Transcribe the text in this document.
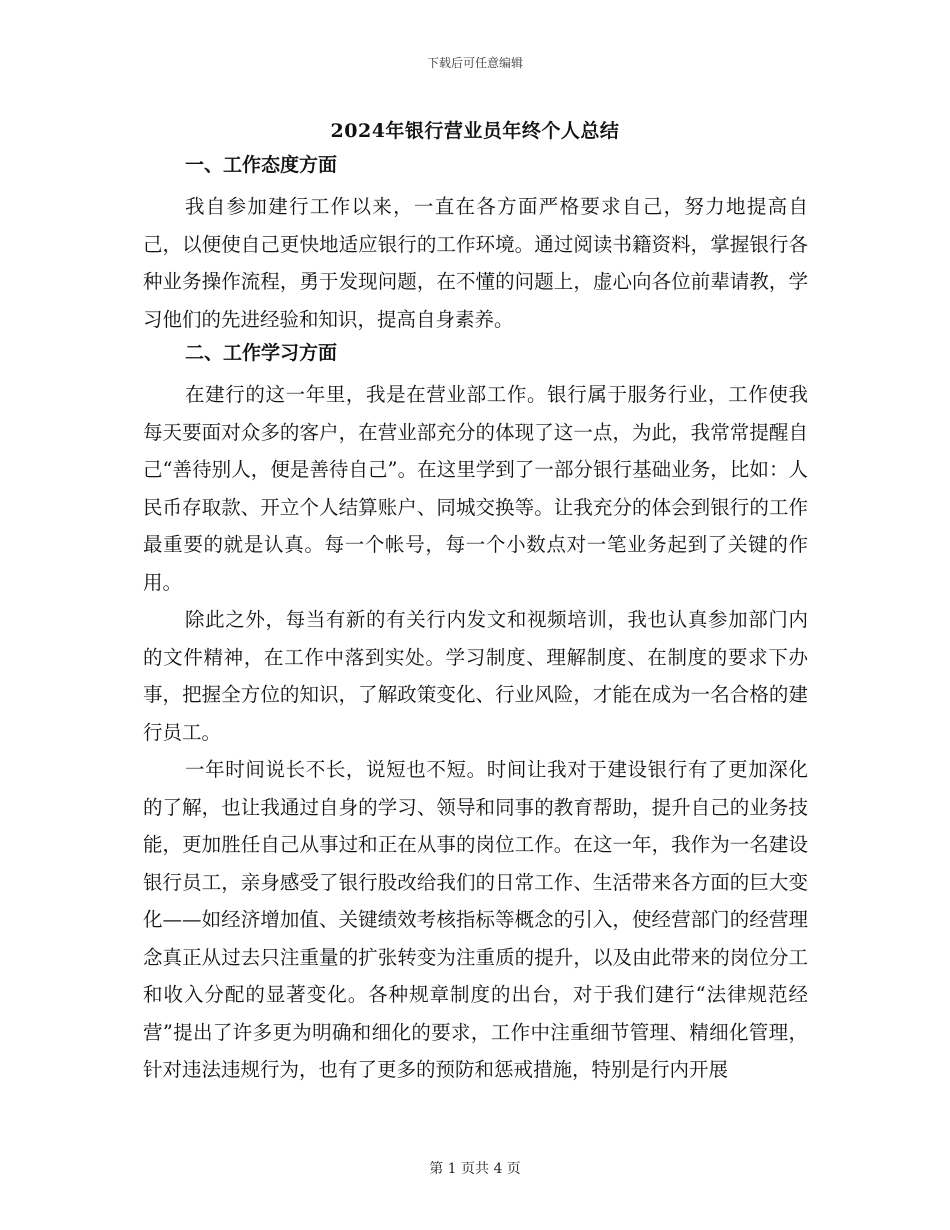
下载后可任意编辑
2024年银行营业员年终个人总结
一、工作态度方面

我自参加建行工作以来，一直在各方面严格要求自己，努力地提高自己，以便使自己更快地适应银行的工作环境。通过阅读书籍资料，掌握银行各种业务操作流程，勇于发现问题，在不懂的问题上，虚心向各位前辈请教，学习他们的先进经验和知识，提高自身素养。

二、工作学习方面

在建行的这一年里，我是在营业部工作。银行属于服务行业，工作使我每天要面对众多的客户，在营业部充分的体现了这一点，为此，我常常提醒自己“善待别人，便是善待自己”。在这里学到了一部分银行基础业务，比如：人民币存取款、开立个人结算账户、同城交换等。让我充分的体会到银行的工作最重要的就是认真。每一个帐号，每一个小数点对一笔业务起到了关键的作用。

除此之外，每当有新的有关行内发文和视频培训，我也认真参加部门内的文件精神，在工作中落到实处。学习制度、理解制度、在制度的要求下办事，把握全方位的知识，了解政策变化、行业风险，才能在成为一名合格的建行员工。

一年时间说长不长，说短也不短。时间让我对于建设银行有了更加深化的了解，也让我通过自身的学习、领导和同事的教育帮助，提升自己的业务技能，更加胜任自己从事过和正在从事的岗位工作。在这一年，我作为一名建设银行员工，亲身感受了银行股改给我们的日常工作、生活带来各方面的巨大变化——如经济增加值、关键绩效考核指标等概念的引入，使经营部门的经营理念真正从过去只注重量的扩张转变为注重质的提升，以及由此带来的岗位分工和收入分配的显著变化。各种规章制度的出台，对于我们建行“法律规范经营”提出了许多更为明确和细化的要求，工作中注重细节管理、精细化管理，针对违法违规行为，也有了更多的预防和惩戒措施，特别是行内开展

第 1 页共 4 页
